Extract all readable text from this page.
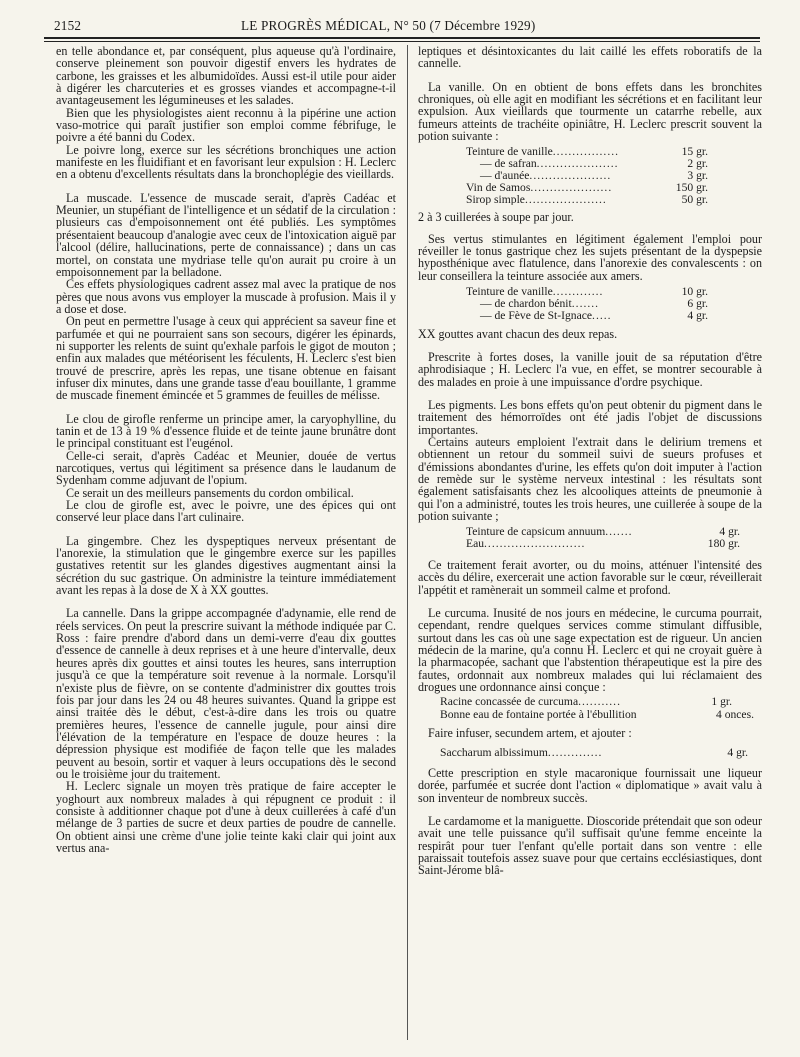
2152	LE PROGRÈS MÉDICAL, N° 50 (7 Décembre 1929)

en telle abondance et, par conséquent, plus aqueuse qu'à l'ordinaire, conserve pleinement son pouvoir digestif envers les hydrates de carbone, les graisses et les albumidoïdes. Aussi est-il utile pour aider à digérer les charcuteries et es grosses viandes et accompagne-t-il avantageusement les légumineuses et les salades.

Bien que les physiologistes aient reconnu à la pipérine une action vaso-motrice qui paraît justifier son emploi comme fébrifuge, le poivre a été banni du Codex.

Le poivre long, exerce sur les sécrétions bronchiques une action manifeste en les fluidifiant et en favorisant leur expulsion : H. Leclerc en a obtenu d'excellents résultats dans la bronchoplégie des vieillards.

La muscade. L'essence de muscade serait, d'après Cadéac et Meunier, un stupéfiant de l'intelligence et un sédatif de la circulation : plusieurs cas d'empoisonnement ont été publiés. Les symptômes présentaient beaucoup d'analogie avec ceux de l'intoxication aiguë par l'alcool (délire, hallucinations, perte de connaissance) ; dans un cas mortel, on constata une mydriase telle qu'on aurait pu croire à un empoisonnement par la belladone.

Ces effets physiologiques cadrent assez mal avec la pratique de nos pères que nous avons vus employer la muscade à profusion. Mais il y a dose et dose.

On peut en permettre l'usage à ceux qui apprécient sa saveur fine et parfumée et qui ne pourraient sans son secours, digérer les épinards, ni supporter les relents de suint qu'exhale parfois le gigot de mouton ; enfin aux malades que météorisent les féculents, H. Leclerc s'est bien trouvé de prescrire, après les repas, une tisane obtenue en faisant infuser dix minutes, dans une grande tasse d'eau bouillante, 1 gramme de muscade finement émincée et 5 grammes de feuilles de mélisse.

Le clou de girofle renferme un principe amer, la caryophylline, du tanin et de 13 à 19 % d'essence fluide et de teinte jaune brunâtre dont le principal constituant est l'eugénol.

Celle-ci serait, d'après Cadéac et Meunier, douée de vertus narcotiques, vertus qui légitiment sa présence dans le laudanum de Sydenham comme adjuvant de l'opium.

Ce serait un des meilleurs pansements du cordon ombilical.

Le clou de girofle est, avec le poivre, une des épices qui ont conservé leur place dans l'art culinaire.

La gingembre. Chez les dyspeptiques nerveux présentant de l'anorexie, la stimulation que le gingembre exerce sur les papilles gustatives retentit sur les glandes digestives augmentant ainsi la sécrétion du suc gastrique. On administre la teinture immédiatement avant les repas à la dose de X à XX gouttes.

La cannelle. Dans la grippe accompagnée d'adynamie, elle rend de réels services. On peut la prescrire suivant la méthode indiquée par C. Ross : faire prendre d'abord dans un demi-verre d'eau dix gouttes d'essence de cannelle à deux reprises et à une heure d'intervalle, deux heures après dix gouttes et ainsi toutes les heures, sans interruption jusqu'à ce que la température soit revenue à la normale. Lorsqu'il n'existe plus de fièvre, on se contente d'administrer dix gouttes trois fois par jour dans les 24 ou 48 heures suivantes. Quand la grippe est ainsi traitée dès le début, c'est-à-dire dans les trois ou quatre premières heures, l'essence de cannelle jugule, pour ainsi dire l'élévation de la température en l'espace de douze heures : la dépression physique est modifiée de façon telle que les malades peuvent au besoin, sortir et vaquer à leurs occupations dès le second ou le troisième jour du traitement.

H. Leclerc signale un moyen très pratique de faire accepter le yoghourt aux nombreux malades à qui répugnent ce produit : il consiste à additionner chaque pot d'une à deux cuillerées à café d'un mélange de 3 parties de sucre et deux parties de poudre de cannelle. On obtient ainsi une crème d'une jolie teinte kaki clair qui joint aux vertus ana-

leptiques et désintoxicantes du lait caillé les effets roboratifs de la cannelle.

La vanille. On en obtient de bons effets dans les bronchites chroniques, où elle agit en modifiant les sécrétions et en facilitant leur expulsion. Aux vieillards que tourmente un catarrhe rebelle, aux fumeurs atteints de trachéite opiniâtre, H. Leclerc prescrit souvent la potion suivante :

Teinture de vanille.................	15 gr.
— de safran.....................	2 gr.
— d'aunée.....................	3 gr.
Vin de Samos.....................	150 gr.
Sirop simple.....................	50 gr.

2 à 3 cuillerées à soupe par jour.

Ses vertus stimulantes en légitiment également l'emploi pour réveiller le tonus gastrique chez les sujets présentant de la dyspepsie hyposthénique avec flatulence, dans l'anorexie des convalescents : on leur conseillera la teinture associée aux amers.

Teinture de vanille.............	10 gr.
— de chardon bénit.......	6 gr.
— de Fève de St-Ignace.....	4 gr.

XX gouttes avant chacun des deux repas.

Prescrite à fortes doses, la vanille jouit de sa réputation d'être aphrodisiaque ; H. Leclerc l'a vue, en effet, se montrer secourable à des malades en proie à une impuissance d'ordre psychique.

Les pigments. Les bons effets qu'on peut obtenir du pigment dans le traitement des hémorroïdes ont été jadis l'objet de discussions importantes.

Certains auteurs emploient l'extrait dans le delirium tremens et obtiennent un retour du sommeil suivi de sueurs profuses et d'émissions abondantes d'urine, les effets qu'on doit imputer à l'action de remède sur le système nerveux intestinal : les résultats sont également satisfaisants chez les alcooliques atteints de pneumonie à qui l'on a administré, toutes les trois heures, une cuillerée à soupe de la potion suivante ;

Teinture de capsicum annuum.......	4 gr.
Eau..........................	180 gr.

Ce traitement ferait avorter, ou du moins, atténuer l'intensité des accès du délire, exercerait une action favorable sur le cœur, réveillerait l'appétit et ramènerait un sommeil calme et profond.

Le curcuma. Inusité de nos jours en médecine, le curcuma pourrait, cependant, rendre quelques services comme stimulant diffusible, surtout dans les cas où une sage expectation est de rigueur. Un ancien médecin de la marine, qu'a connu H. Leclerc et qui ne croyait guère à la pharmacopée, sachant que l'abstention thérapeutique est la pire des fautes, ordonnait aux nombreux malades qui lui réclamaient des drogues une ordonnance ainsi conçue :

Racine concassée de curcuma...........	1 gr.
Bonne eau de fontaine portée à l'ébullition	4 onces.

Faire infuser, secundem artem, et ajouter :

Saccharum albissimum..............	4 gr.

Cette prescription en style macaronique fournissait une liqueur dorée, parfumée et sucrée dont l'action « diplomatique » avait valu à son inventeur de nombreux succès.

Le cardamome et la maniguette. Dioscoride prétendait que son odeur avait une telle puissance qu'il suffisait qu'une femme enceinte la respirât pour tuer l'enfant qu'elle portait dans son ventre : elle paraissait toutefois assez suave pour que certains ecclésiastiques, dont Saint-Jérome blâ-
